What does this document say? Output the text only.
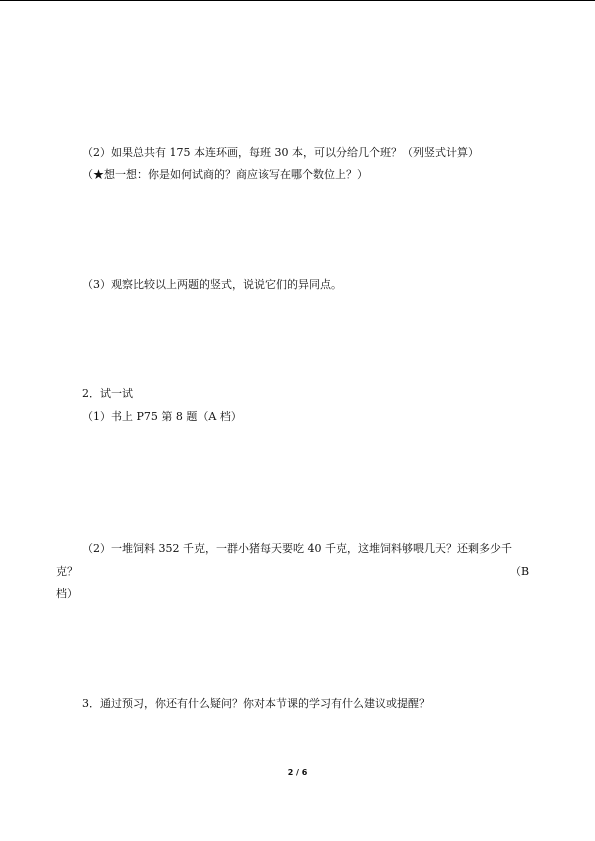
（2）如果总共有 175 本连环画，每班 30 本，可以分给几个班？（列竖式计算）
（★想一想：你是如何试商的？商应该写在哪个数位上？）
（3）观察比较以上两题的竖式，说说它们的异同点。
2．试一试
（1）书上 P75 第 8 题（A 档）
（2）一堆饲料 352 千克，一群小猪每天要吃 40 千克，这堆饲料够喂几天？还剩多少千
克？	（B
档）
3．通过预习，你还有什么疑问？你对本节课的学习有什么建议或提醒？
2 / 6
